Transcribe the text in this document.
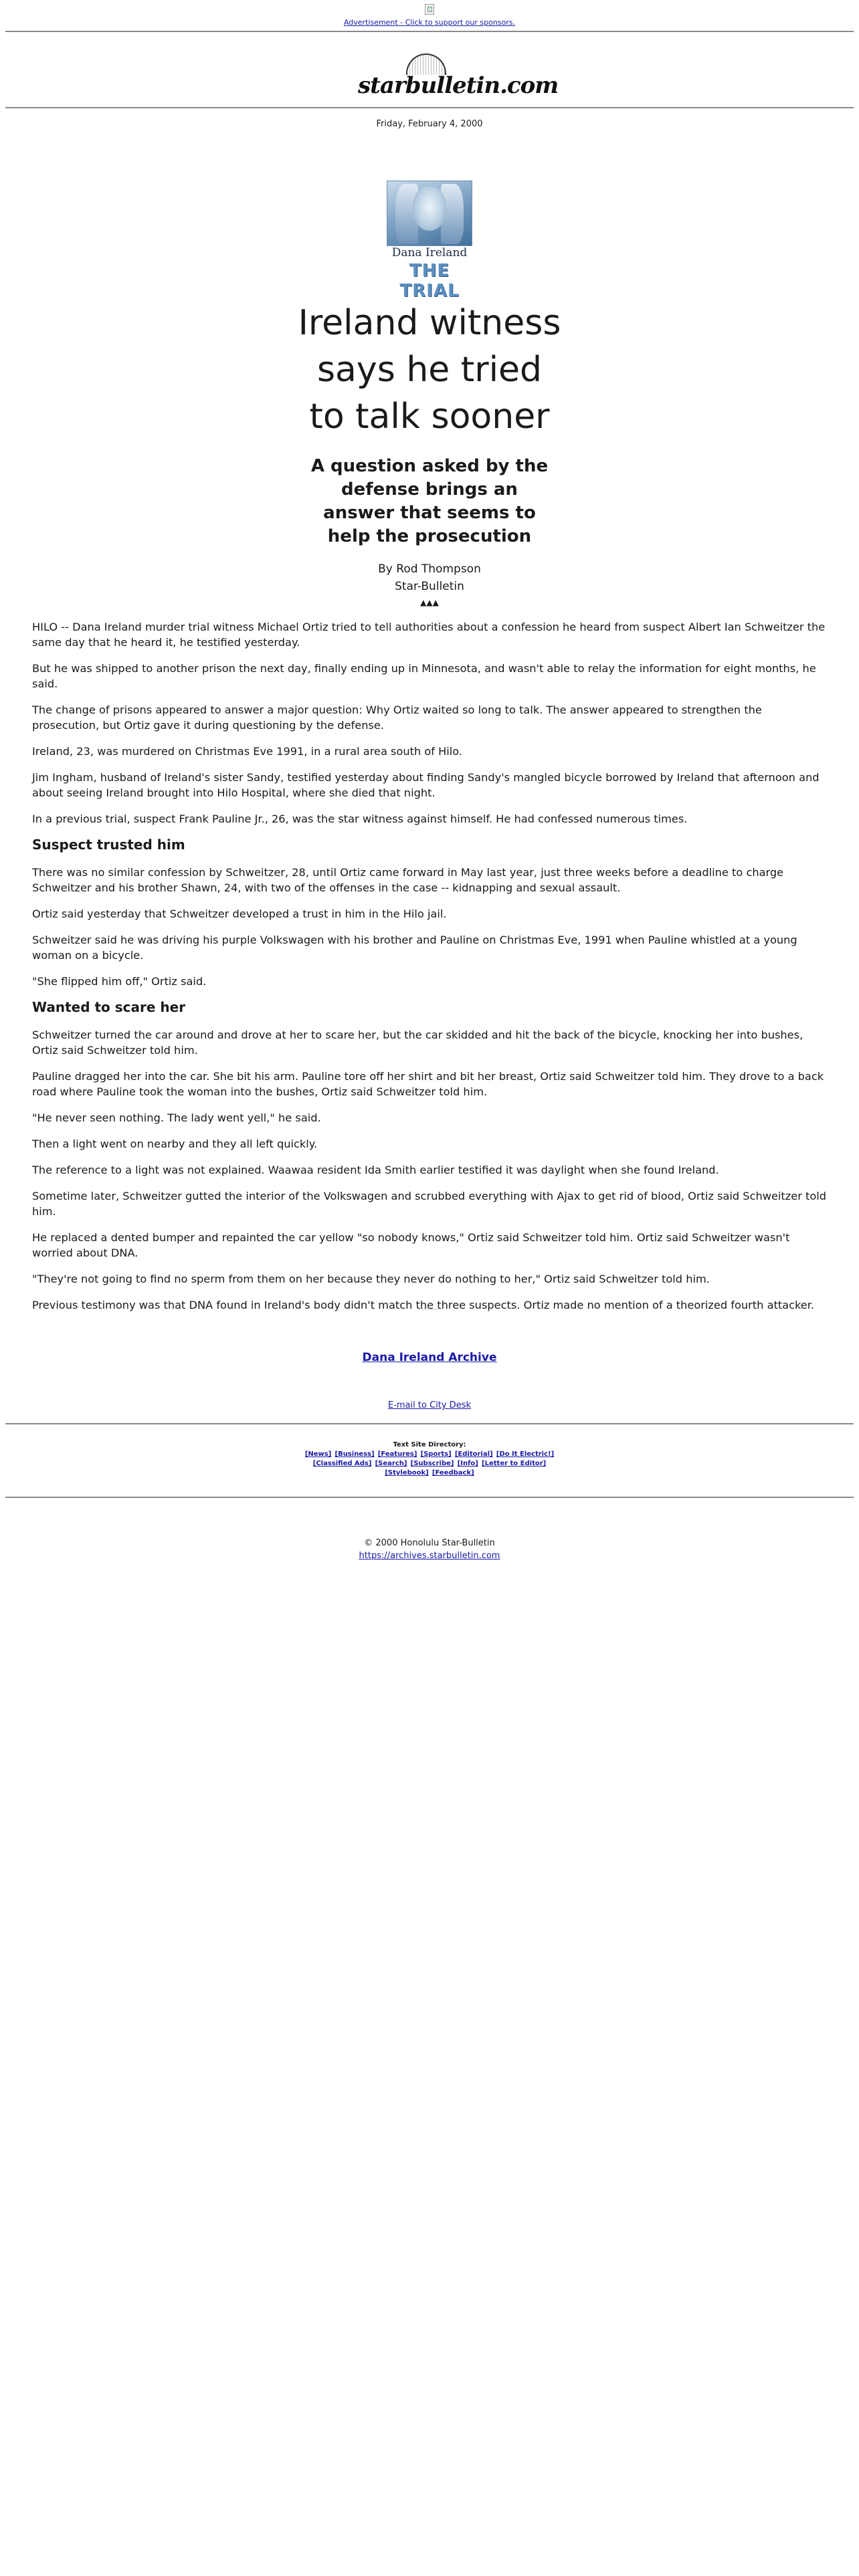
Advertisement - Click to support our sponsors.
starbulletin.com
Friday, February 4, 2000
Dana Ireland
THE TRIAL
Ireland witness says he tried to talk sooner
A question asked by the defense brings an answer that seems to help the prosecution
By Rod Thompson
Star-Bulletin
▲▲▲

HILO -- Dana Ireland murder trial witness Michael Ortiz tried to tell authorities about a confession he heard from suspect Albert Ian Schweitzer the same day that he heard it, he testified yesterday.

But he was shipped to another prison the next day, finally ending up in Minnesota, and wasn't able to relay the information for eight months, he said.

The change of prisons appeared to answer a major question: Why Ortiz waited so long to talk. The answer appeared to strengthen the prosecution, but Ortiz gave it during questioning by the defense.

Ireland, 23, was murdered on Christmas Eve 1991, in a rural area south of Hilo.

Jim Ingham, husband of Ireland's sister Sandy, testified yesterday about finding Sandy's mangled bicycle borrowed by Ireland that afternoon and about seeing Ireland brought into Hilo Hospital, where she died that night.

In a previous trial, suspect Frank Pauline Jr., 26, was the star witness against himself. He had confessed numerous times.

Suspect trusted him

There was no similar confession by Schweitzer, 28, until Ortiz came forward in May last year, just three weeks before a deadline to charge Schweitzer and his brother Shawn, 24, with two of the offenses in the case -- kidnapping and sexual assault.

Ortiz said yesterday that Schweitzer developed a trust in him in the Hilo jail.

Schweitzer said he was driving his purple Volkswagen with his brother and Pauline on Christmas Eve, 1991 when Pauline whistled at a young woman on a bicycle.

"She flipped him off," Ortiz said.

Wanted to scare her

Schweitzer turned the car around and drove at her to scare her, but the car skidded and hit the back of the bicycle, knocking her into bushes, Ortiz said Schweitzer told him.

Pauline dragged her into the car. She bit his arm. Pauline tore off her shirt and bit her breast, Ortiz said Schweitzer told him. They drove to a back road where Pauline took the woman into the bushes, Ortiz said Schweitzer told him.

"He never seen nothing. The lady went yell," he said.

Then a light went on nearby and they all left quickly.

The reference to a light was not explained. Waawaa resident Ida Smith earlier testified it was daylight when she found Ireland.

Sometime later, Schweitzer gutted the interior of the Volkswagen and scrubbed everything with Ajax to get rid of blood, Ortiz said Schweitzer told him.

He replaced a dented bumper and repainted the car yellow "so nobody knows," Ortiz said Schweitzer told him. Ortiz said Schweitzer wasn't worried about DNA.

"They're not going to find no sperm from them on her because they never do nothing to her," Ortiz said Schweitzer told him.

Previous testimony was that DNA found in Ireland's body didn't match the three suspects. Ortiz made no mention of a theorized fourth attacker.

Dana Ireland Archive
E-mail to City Desk
Text Site Directory:
[News] [Business] [Features] [Sports] [Editorial] [Do It Electric!]
[Classified Ads] [Search] [Subscribe] [Info] [Letter to Editor]
[Stylebook] [Feedback]
© 2000 Honolulu Star-Bulletin
https://archives.starbulletin.com
